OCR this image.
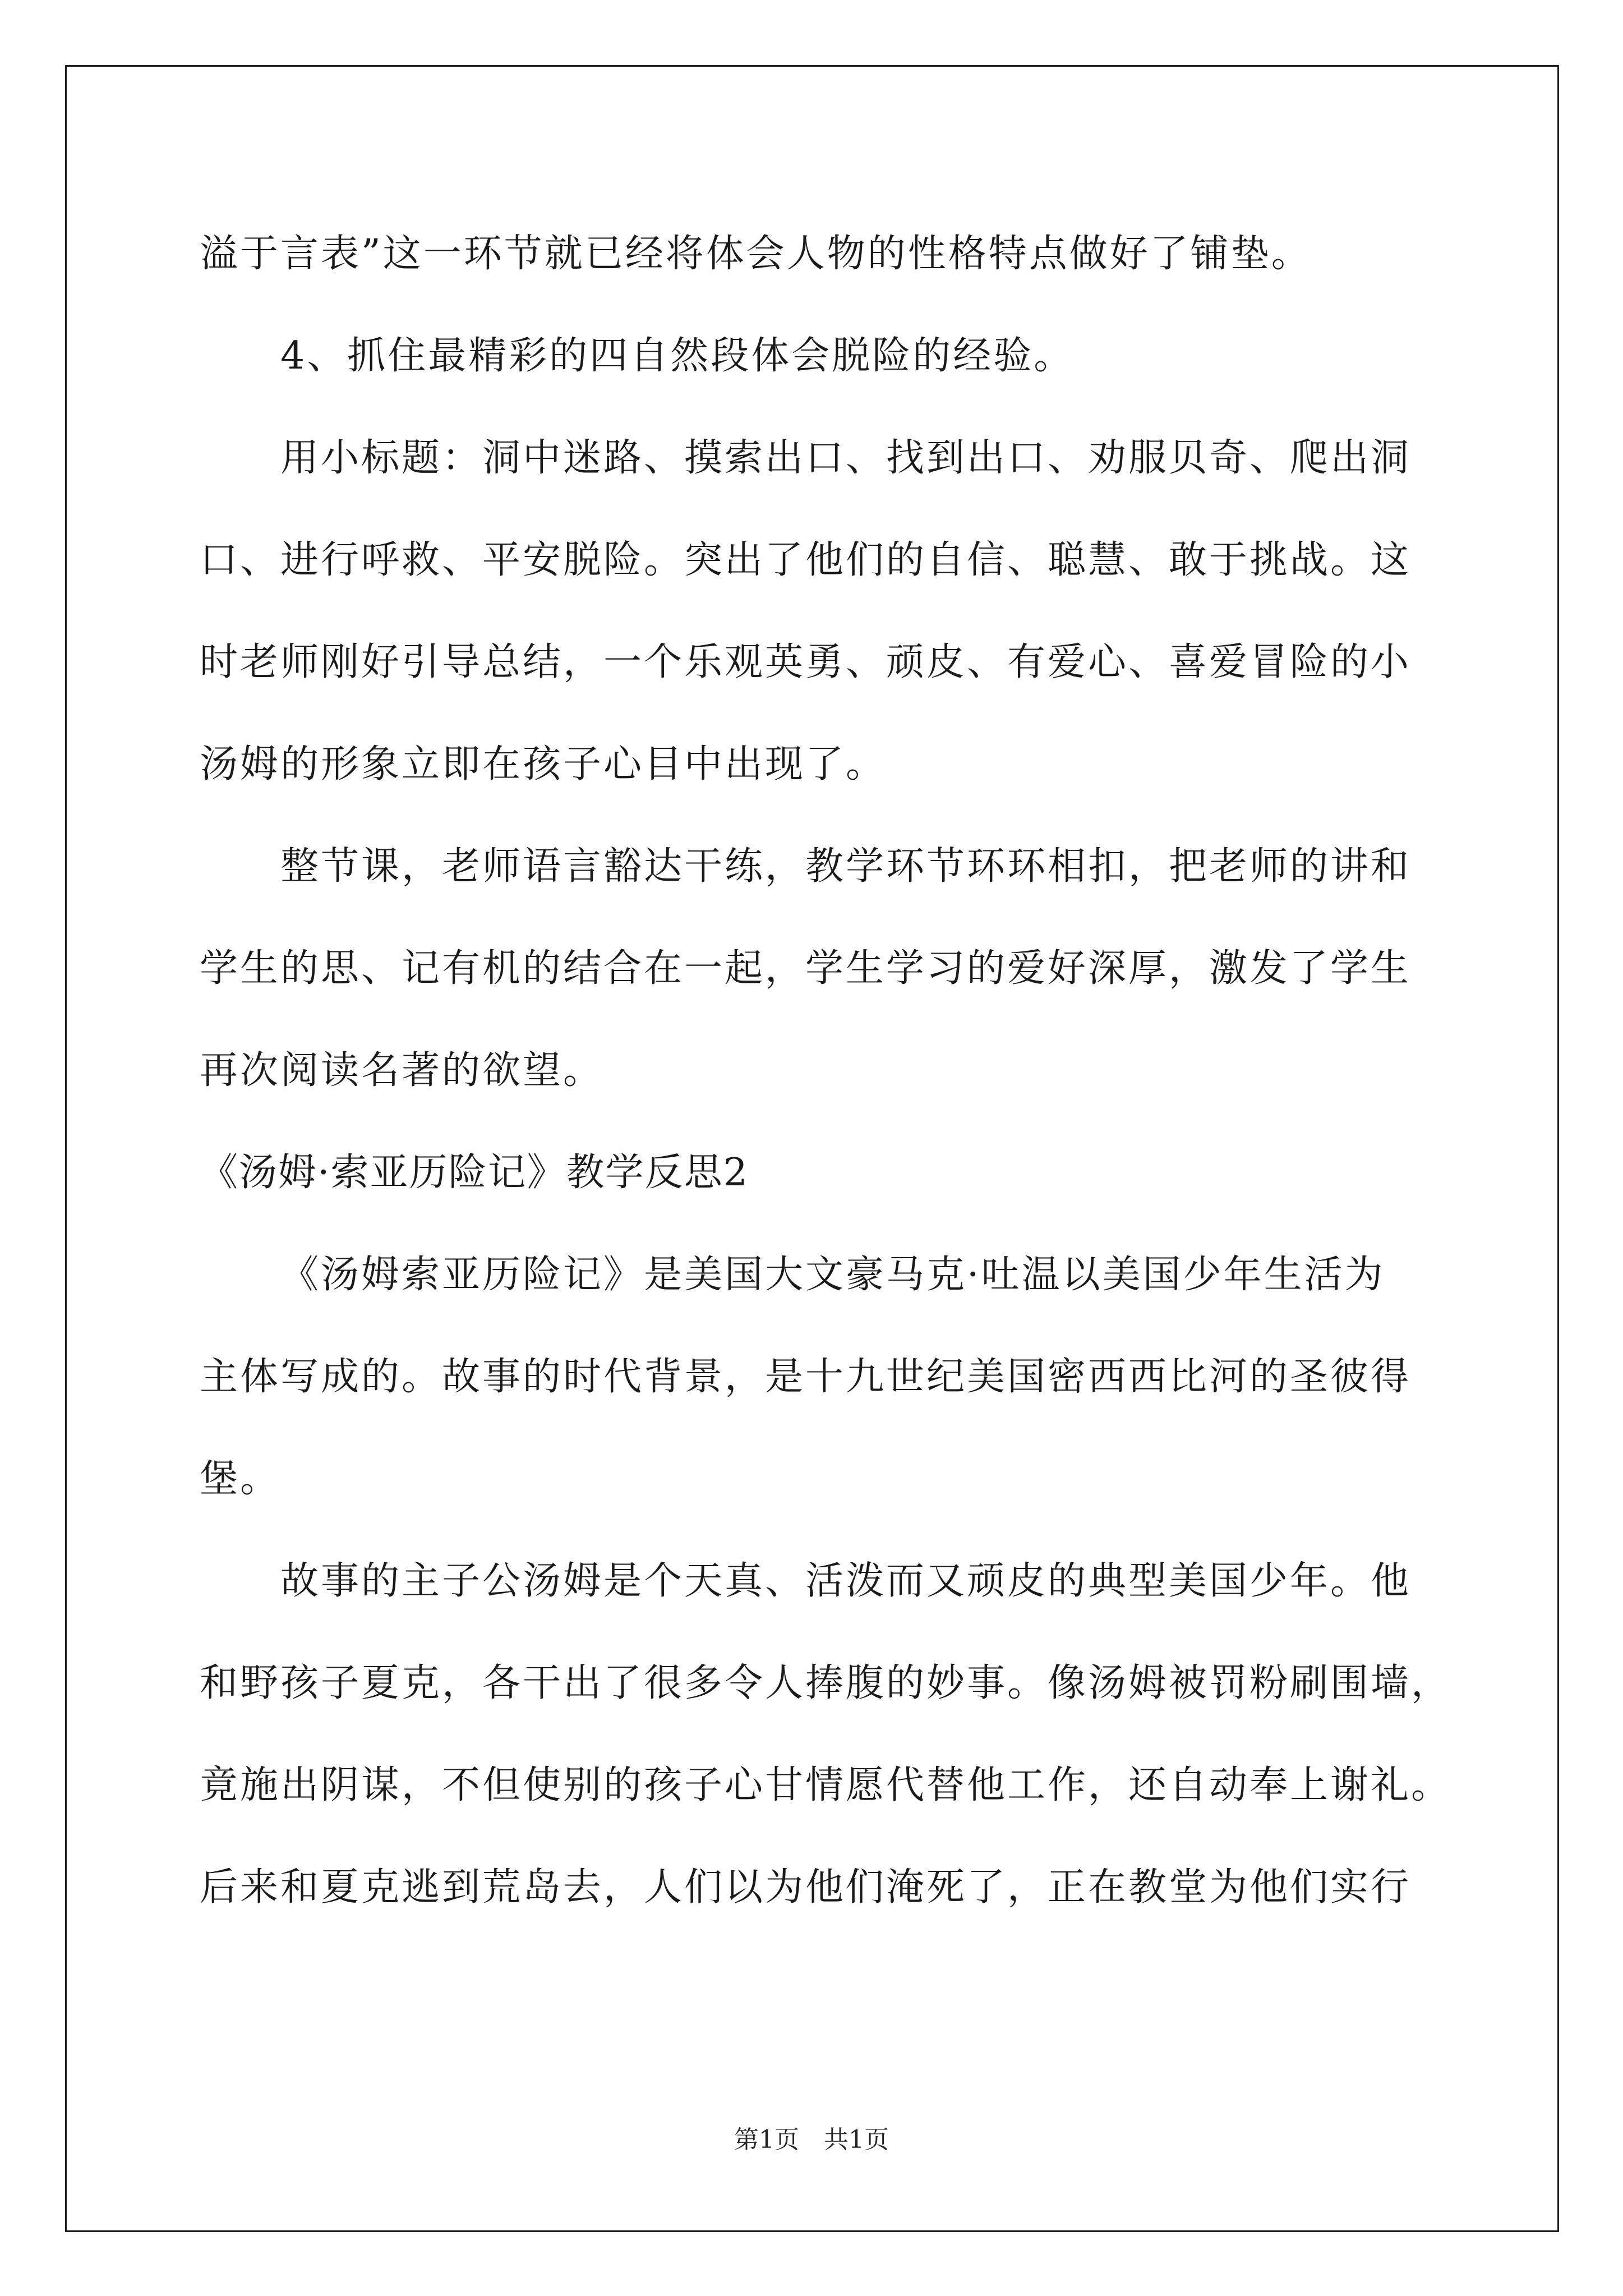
溢于言表”这一环节就已经将体会人物的性格特点做好了铺垫。
4、抓住最精彩的四自然段体会脱险的经验。
用小标题：洞中迷路、摸索出口、找到出口、劝服贝奇、爬出洞
口、进行呼救、平安脱险。突出了他们的自信、聪慧、敢于挑战。这
时老师刚好引导总结，一个乐观英勇、顽皮、有爱心、喜爱冒险的小
汤姆的形象立即在孩子心目中出现了。
整节课，老师语言豁达干练，教学环节环环相扣，把老师的讲和
学生的思、记有机的结合在一起，学生学习的爱好深厚，激发了学生
再次阅读名著的欲望。
《汤姆·索亚历险记》教学反思2
《汤姆索亚历险记》是美国大文豪马克·吐温以美国少年生活为
主体写成的。故事的时代背景，是十九世纪美国密西西比河的圣彼得
堡。
故事的主子公汤姆是个天真、活泼而又顽皮的典型美国少年。他
和野孩子夏克，各干出了很多令人捧腹的妙事。像汤姆被罚粉刷围墙，
竟施出阴谋，不但使别的孩子心甘情愿代替他工作，还自动奉上谢礼。
后来和夏克逃到荒岛去，人们以为他们淹死了，正在教堂为他们实行
第1页　共1页
